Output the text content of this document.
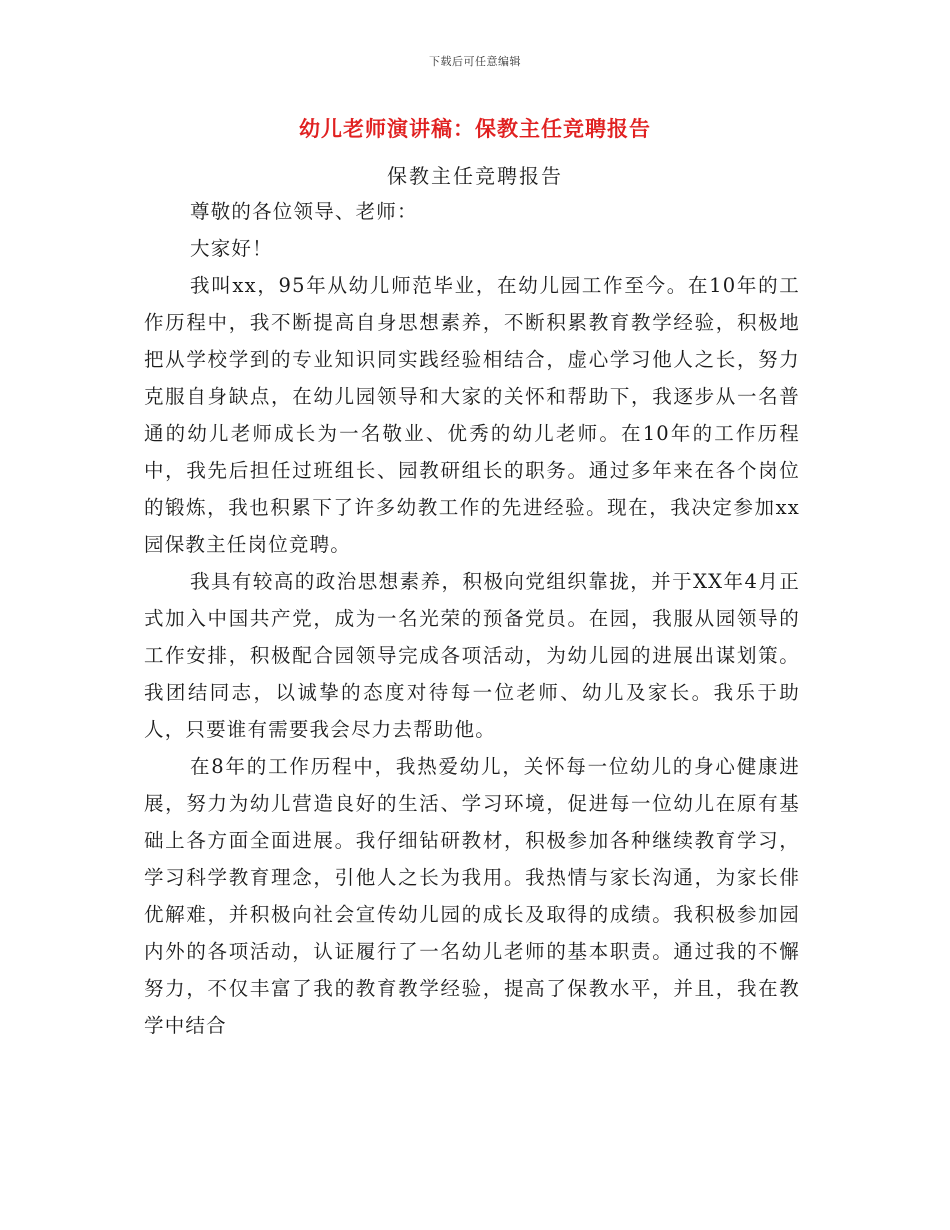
下载后可任意编辑
幼儿老师演讲稿：保教主任竞聘报告
保教主任竞聘报告

尊敬的各位领导、老师：

大家好！

我叫xx，95年从幼儿师范毕业，在幼儿园工作至今。在10年的工作历程中，我不断提高自身思想素养，不断积累教育教学经验，积极地把从学校学到的专业知识同实践经验相结合，虚心学习他人之长，努力克服自身缺点，在幼儿园领导和大家的关怀和帮助下，我逐步从一名普通的幼儿老师成长为一名敬业、优秀的幼儿老师。在10年的工作历程中，我先后担任过班组长、园教研组长的职务。通过多年来在各个岗位的锻炼，我也积累下了许多幼教工作的先进经验。现在，我决定参加xx园保教主任岗位竞聘。

我具有较高的政治思想素养，积极向党组织靠拢，并于XX年4月正式加入中国共产党，成为一名光荣的预备党员。在园，我服从园领导的工作安排，积极配合园领导完成各项活动，为幼儿园的进展出谋划策。我团结同志，以诚挚的态度对待每一位老师、幼儿及家长。我乐于助人，只要谁有需要我会尽力去帮助他。

在8年的工作历程中，我热爱幼儿，关怀每一位幼儿的身心健康进展，努力为幼儿营造良好的生活、学习环境，促进每一位幼儿在原有基础上各方面全面进展。我仔细钻研教材，积极参加各种继续教育学习，学习科学教育理念，引他人之长为我用。我热情与家长沟通，为家长俳优解难，并积极向社会宣传幼儿园的成长及取得的成绩。我积极参加园内外的各项活动，认证履行了一名幼儿老师的基本职责。通过我的不懈努力，不仅丰富了我的教育教学经验，提高了保教水平，并且，我在教学中结合
